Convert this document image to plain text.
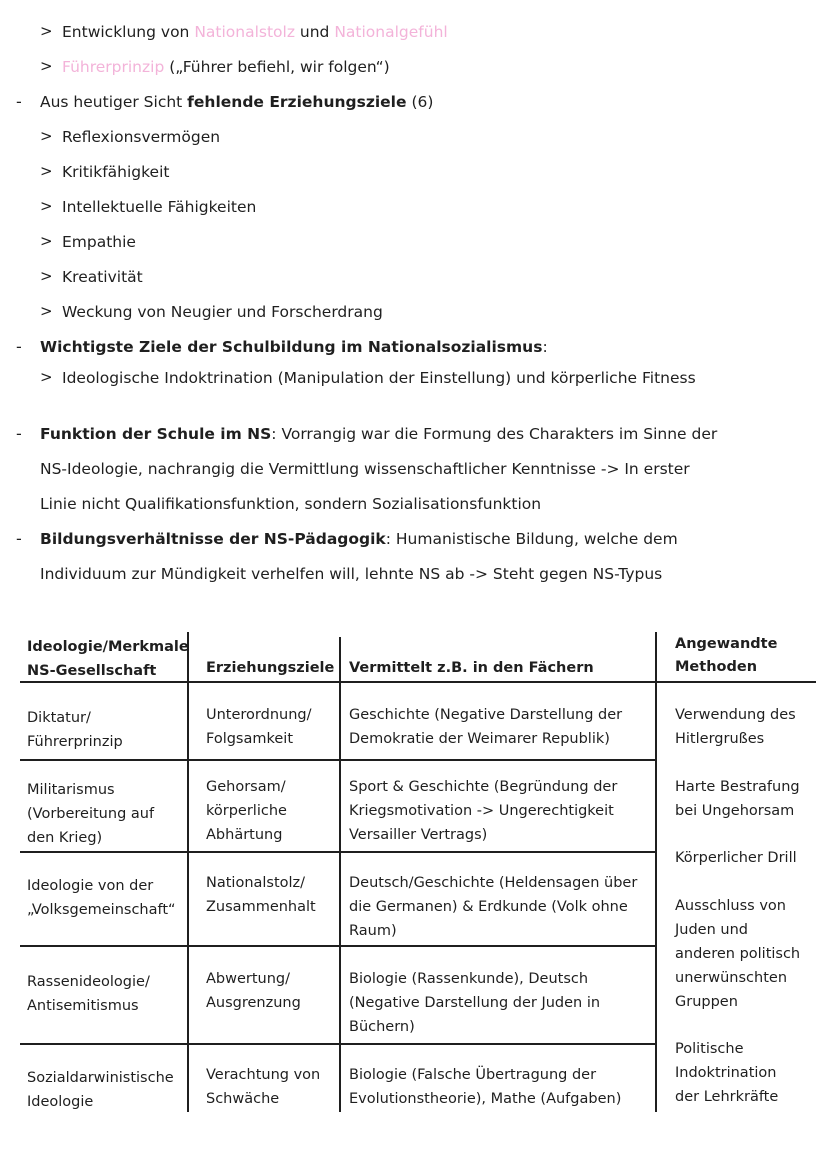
> Entwicklung von Nationalstolz und Nationalgefühl
> Führerprinzip („Führer befiehl, wir folgen“)
- Aus heutiger Sicht fehlende Erziehungsziele (6)
> Reflexionsvermögen
> Kritikfähigkeit
> Intellektuelle Fähigkeiten
> Empathie
> Kreativität
> Weckung von Neugier und Forscherdrang
- Wichtigste Ziele der Schulbildung im Nationalsozialismus:
> Ideologische Indoktrination (Manipulation der Einstellung) und körperliche Fitness
- Funktion der Schule im NS: Vorrangig war die Formung des Charakters im Sinne der
NS-Ideologie, nachrangig die Vermittlung wissenschaftlicher Kenntnisse -> In erster
Linie nicht Qualifikationsfunktion, sondern Sozialisationsfunktion
- Bildungsverhältnisse der NS-Pädagogik: Humanistische Bildung, welche dem
Individuum zur Mündigkeit verhelfen will, lehnte NS ab -> Steht gegen NS-Typus
Ideologie/Merkmale
NS-Gesellschaft	Erziehungsziele Vermittelt z.B. in den Fächern
Angewandte
Methoden
Diktatur/
Führerprinzip
Unterordnung/
Folgsamkeit
Geschichte (Negative Darstellung der
Demokratie der Weimarer Republik)
Militarismus
(Vorbereitung auf
den Krieg)
Gehorsam/
körperliche
Abhärtung
Sport & Geschichte (Begründung der
Kriegsmotivation -> Ungerechtigkeit
Versailler Vertrags)
Ideologie von der
„Volksgemeinschaft“
Nationalstolz/
Zusammenhalt
Deutsch/Geschichte (Heldensagen über
die Germanen) & Erdkunde (Volk ohne
Raum)
Rassenideologie/
Antisemitismus
Abwertung/
Ausgrenzung
Biologie (Rassenkunde), Deutsch
(Negative Darstellung der Juden in
Büchern)
Sozialdarwinistische
Ideologie
Verachtung von
Schwäche
Biologie (Falsche Übertragung der
Evolutionstheorie), Mathe (Aufgaben)
Verwendung des
Hitlergrußes
Harte Bestrafung
bei Ungehorsam
Körperlicher Drill
Ausschluss von
Juden und
anderen politisch
unerwünschten
Gruppen
Politische
Indoktrination
der Lehrkräfte
